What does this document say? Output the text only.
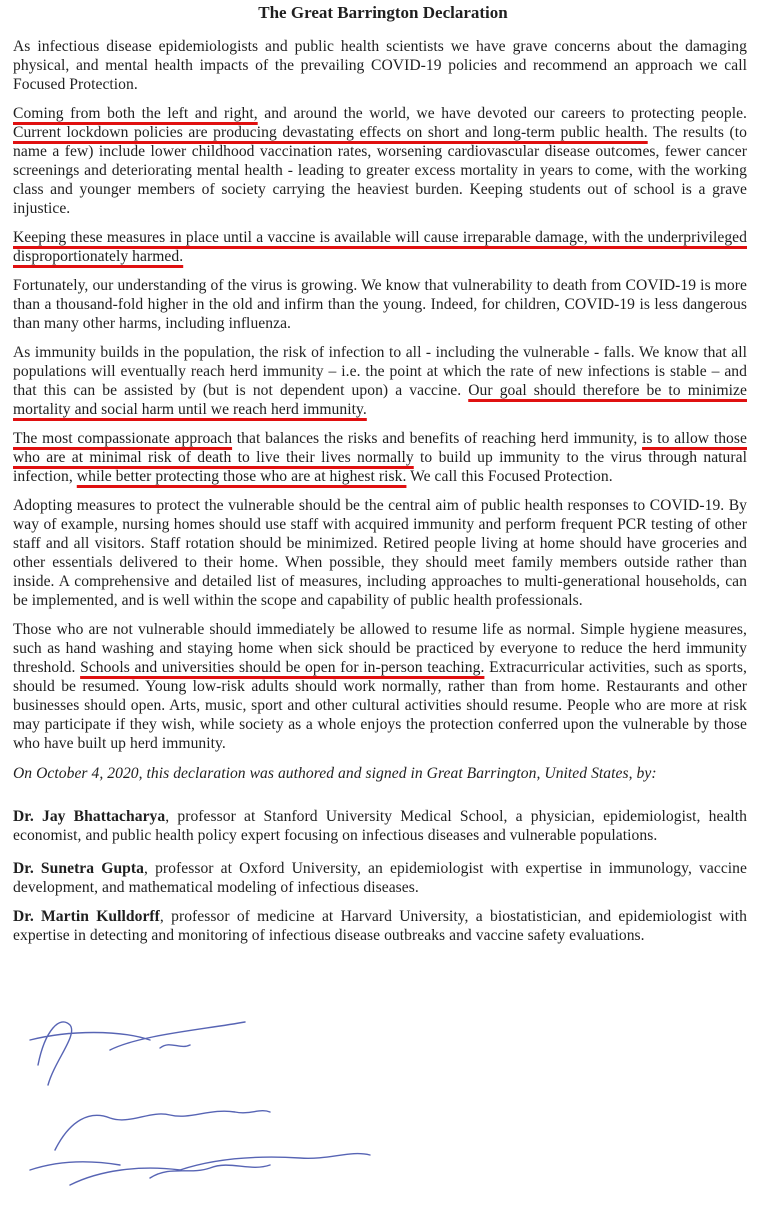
The Great Barrington Declaration

As infectious disease epidemiologists and public health scientists we have grave concerns about the damaging physical, and mental health impacts of the prevailing COVID-19 policies and recommend an approach we call Focused Protection.

Coming from both the left and right, and around the world, we have devoted our careers to protecting people. Current lockdown policies are producing devastating effects on short and long-term public health. The results (to name a few) include lower childhood vaccination rates, worsening cardiovascular disease outcomes, fewer cancer screenings and deteriorating mental health - leading to greater excess mortality in years to come, with the working class and younger members of society carrying the heaviest burden. Keeping students out of school is a grave injustice.

Keeping these measures in place until a vaccine is available will cause irreparable damage, with the underprivileged disproportionately harmed.

Fortunately, our understanding of the virus is growing. We know that vulnerability to death from COVID-19 is more than a thousand-fold higher in the old and infirm than the young. Indeed, for children, COVID-19 is less dangerous than many other harms, including influenza.

As immunity builds in the population, the risk of infection to all - including the vulnerable - falls. We know that all populations will eventually reach herd immunity – i.e. the point at which the rate of new infections is stable – and that this can be assisted by (but is not dependent upon) a vaccine. Our goal should therefore be to minimize mortality and social harm until we reach herd immunity.

The most compassionate approach that balances the risks and benefits of reaching herd immunity, is to allow those who are at minimal risk of death to live their lives normally to build up immunity to the virus through natural infection, while better protecting those who are at highest risk. We call this Focused Protection.

Adopting measures to protect the vulnerable should be the central aim of public health responses to COVID-19. By way of example, nursing homes should use staff with acquired immunity and perform frequent PCR testing of other staff and all visitors. Staff rotation should be minimized. Retired people living at home should have groceries and other essentials delivered to their home. When possible, they should meet family members outside rather than inside. A comprehensive and detailed list of measures, including approaches to multi-generational households, can be implemented, and is well within the scope and capability of public health professionals.

Those who are not vulnerable should immediately be allowed to resume life as normal. Simple hygiene measures, such as hand washing and staying home when sick should be practiced by everyone to reduce the herd immunity threshold. Schools and universities should be open for in-person teaching. Extracurricular activities, such as sports, should be resumed. Young low-risk adults should work normally, rather than from home. Restaurants and other businesses should open. Arts, music, sport and other cultural activities should resume. People who are more at risk may participate if they wish, while society as a whole enjoys the protection conferred upon the vulnerable by those who have built up herd immunity.

On October 4, 2020, this declaration was authored and signed in Great Barrington, United States, by:

Dr. Jay Bhattacharya, professor at Stanford University Medical School, a physician, epidemiologist, health economist, and public health policy expert focusing on infectious diseases and vulnerable populations.

Dr. Sunetra Gupta, professor at Oxford University, an epidemiologist with expertise in immunology, vaccine development, and mathematical modeling of infectious diseases.

Dr. Martin Kulldorff, professor of medicine at Harvard University, a biostatistician, and epidemiologist with expertise in detecting and monitoring of infectious disease outbreaks and vaccine safety evaluations.
